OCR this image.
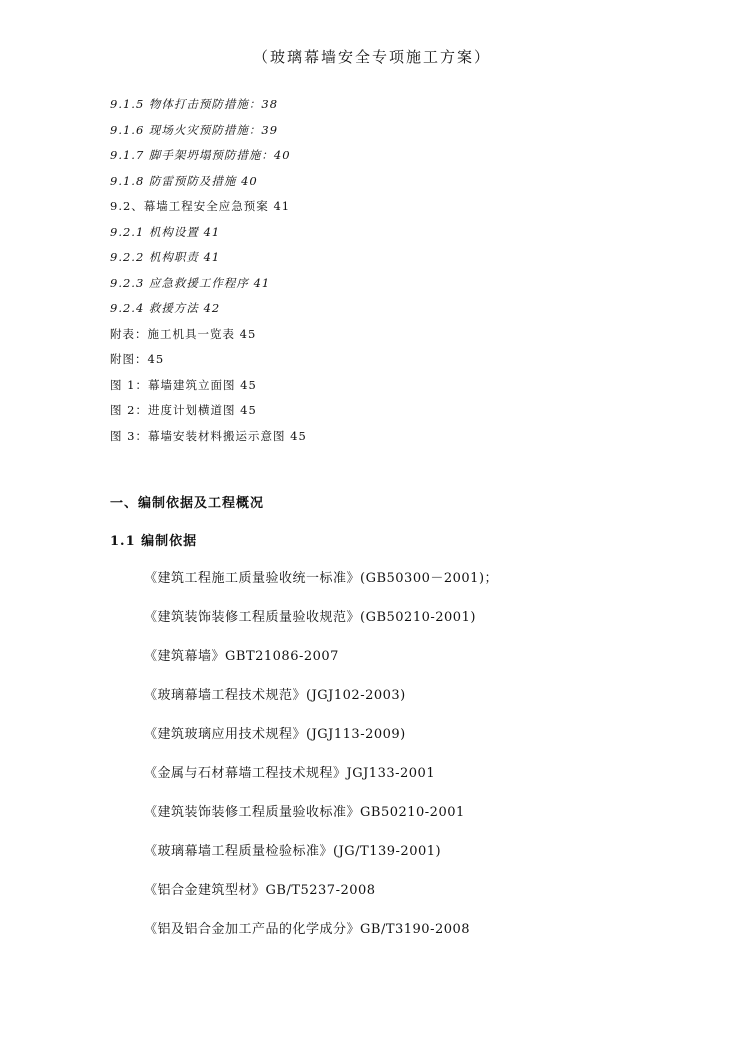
（玻璃幕墙安全专项施工方案）
9.1.5 物体打击预防措施：38
9.1.6 现场火灾预防措施：39
9.1.7 脚手架坍塌预防措施：40
9.1.8 防雷预防及措施 40
9.2、幕墙工程安全应急预案 41
9.2.1 机构设置 41
9.2.2 机构职责 41
9.2.3 应急救援工作程序 41
9.2.4 救援方法 42
附表：施工机具一览表 45
附图：45
图 1：幕墙建筑立面图 45
图 2：进度计划横道图 45
图 3：幕墙安装材料搬运示意图 45
一、编制依据及工程概况
1.1 编制依据
《建筑工程施工质量验收统一标准》(GB50300－2001)；
《建筑装饰装修工程质量验收规范》(GB50210-2001)
《建筑幕墙》GBT21086-2007
《玻璃幕墙工程技术规范》(JGJ102-2003)
《建筑玻璃应用技术规程》(JGJ113-2009)
《金属与石材幕墙工程技术规程》JGJ133-2001
《建筑装饰装修工程质量验收标准》GB50210-2001
《玻璃幕墙工程质量检验标准》(JG/T139-2001)
《铝合金建筑型材》GB/T5237-2008
《铝及铝合金加工产品的化学成分》GB/T3190-2008
